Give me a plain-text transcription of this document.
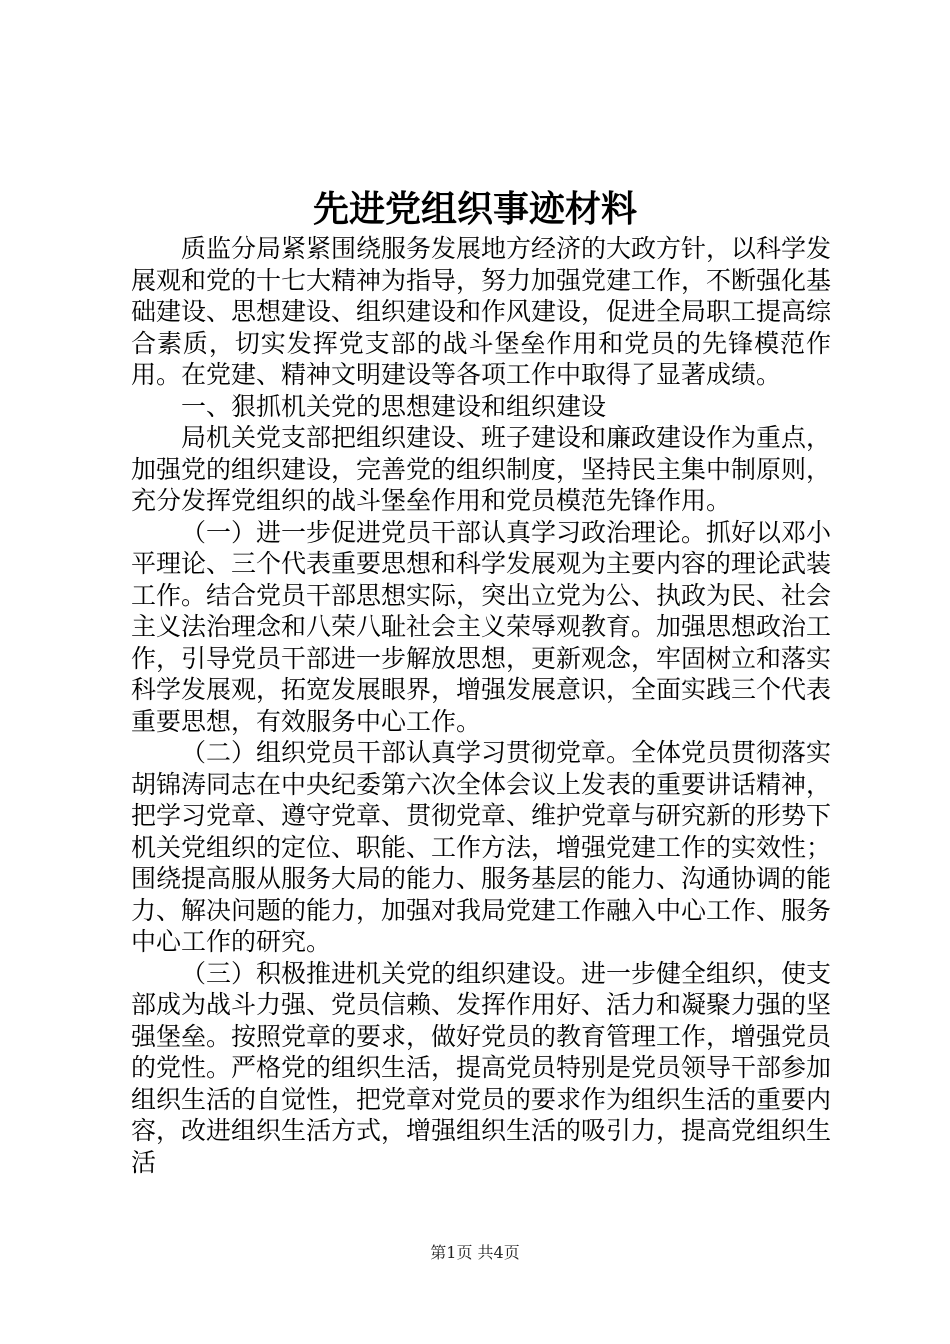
先进党组织事迹材料

质监分局紧紧围绕服务发展地方经济的大政方针，以科学发展观和党的十七大精神为指导，努力加强党建工作，不断强化基础建设、思想建设、组织建设和作风建设，促进全局职工提高综合素质，切实发挥党支部的战斗堡垒作用和党员的先锋模范作用。在党建、精神文明建设等各项工作中取得了显著成绩。

一、狠抓机关党的思想建设和组织建设

局机关党支部把组织建设、班子建设和廉政建设作为重点，加强党的组织建设，完善党的组织制度，坚持民主集中制原则，充分发挥党组织的战斗堡垒作用和党员模范先锋作用。

（一）进一步促进党员干部认真学习政治理论。抓好以邓小平理论、三个代表重要思想和科学发展观为主要内容的理论武装工作。结合党员干部思想实际，突出立党为公、执政为民、社会主义法治理念和八荣八耻社会主义荣辱观教育。加强思想政治工作，引导党员干部进一步解放思想，更新观念，牢固树立和落实科学发展观，拓宽发展眼界，增强发展意识，全面实践三个代表重要思想，有效服务中心工作。

（二）组织党员干部认真学习贯彻党章。全体党员贯彻落实胡锦涛同志在中央纪委第六次全体会议上发表的重要讲话精神，把学习党章、遵守党章、贯彻党章、维护党章与研究新的形势下机关党组织的定位、职能、工作方法，增强党建工作的实效性；围绕提高服从服务大局的能力、服务基层的能力、沟通协调的能力、解决问题的能力，加强对我局党建工作融入中心工作、服务中心工作的研究。

（三）积极推进机关党的组织建设。进一步健全组织，使支部成为战斗力强、党员信赖、发挥作用好、活力和凝聚力强的坚强堡垒。按照党章的要求，做好党员的教育管理工作，增强党员的党性。严格党的组织生活，提高党员特别是党员领导干部参加组织生活的自觉性，把党章对党员的要求作为组织生活的重要内容，改进组织生活方式，增强组织生活的吸引力，提高党组织生活

第1页 共4页
